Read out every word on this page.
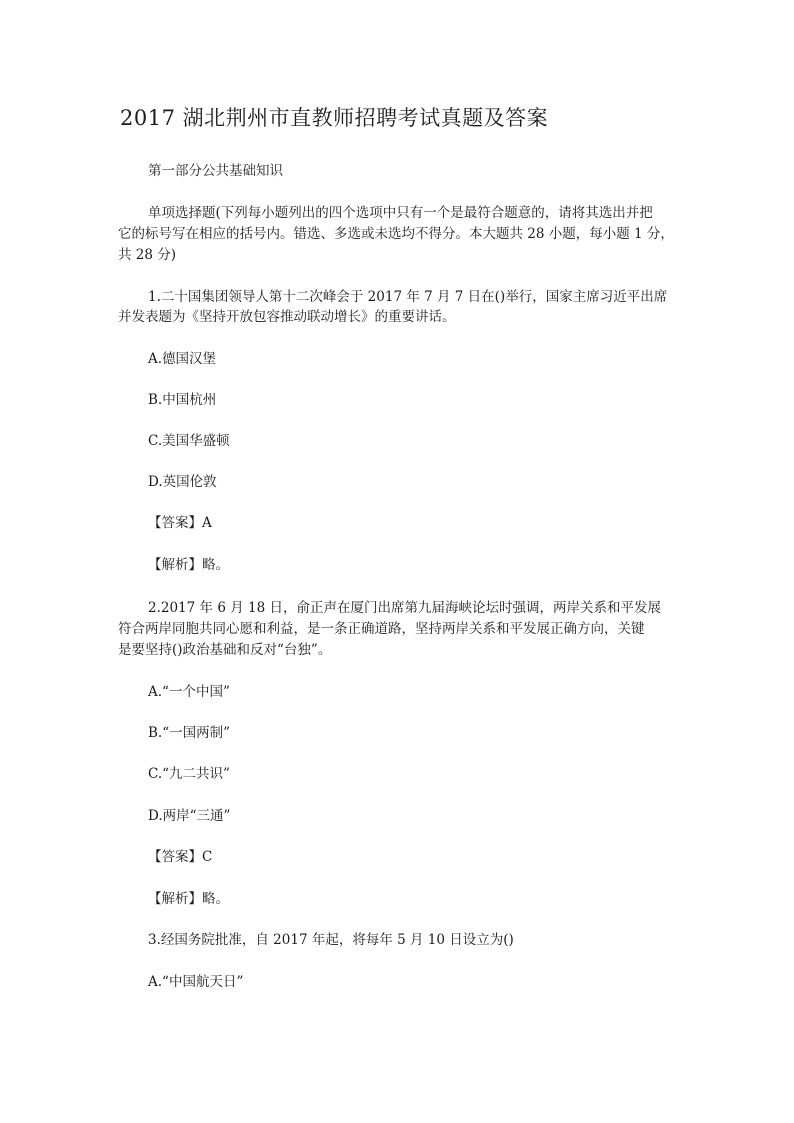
2017 湖北荆州市直教师招聘考试真题及答案
第一部分公共基础知识
单项选择题(下列每小题列出的四个选项中只有一个是最符合题意的，请将其选出并把
它的标号写在相应的括号内。错选、多选或未选均不得分。本大题共 28 小题，每小题 1 分，
共 28 分)
1.二十国集团领导人第十二次峰会于 2017 年 7 月 7 日在()举行，国家主席习近平出席
并发表题为《坚持开放包容推动联动增长》的重要讲话。
A.德国汉堡
B.中国杭州
C.美国华盛顿
D.英国伦敦
【答案】A
【解析】略。
2.2017 年 6 月 18 日，俞正声在厦门出席第九届海峡论坛时强调，两岸关系和平发展
符合两岸同胞共同心愿和利益，是一条正确道路，坚持两岸关系和平发展正确方向，关键
是要坚持()政治基础和反对“台独”。
A.“一个中国”
B.“一国两制”
C.“九二共识”
D.两岸“三通”
【答案】C
【解析】略。
3.经国务院批准，自 2017 年起，将每年 5 月 10 日设立为()
A.“中国航天日”
